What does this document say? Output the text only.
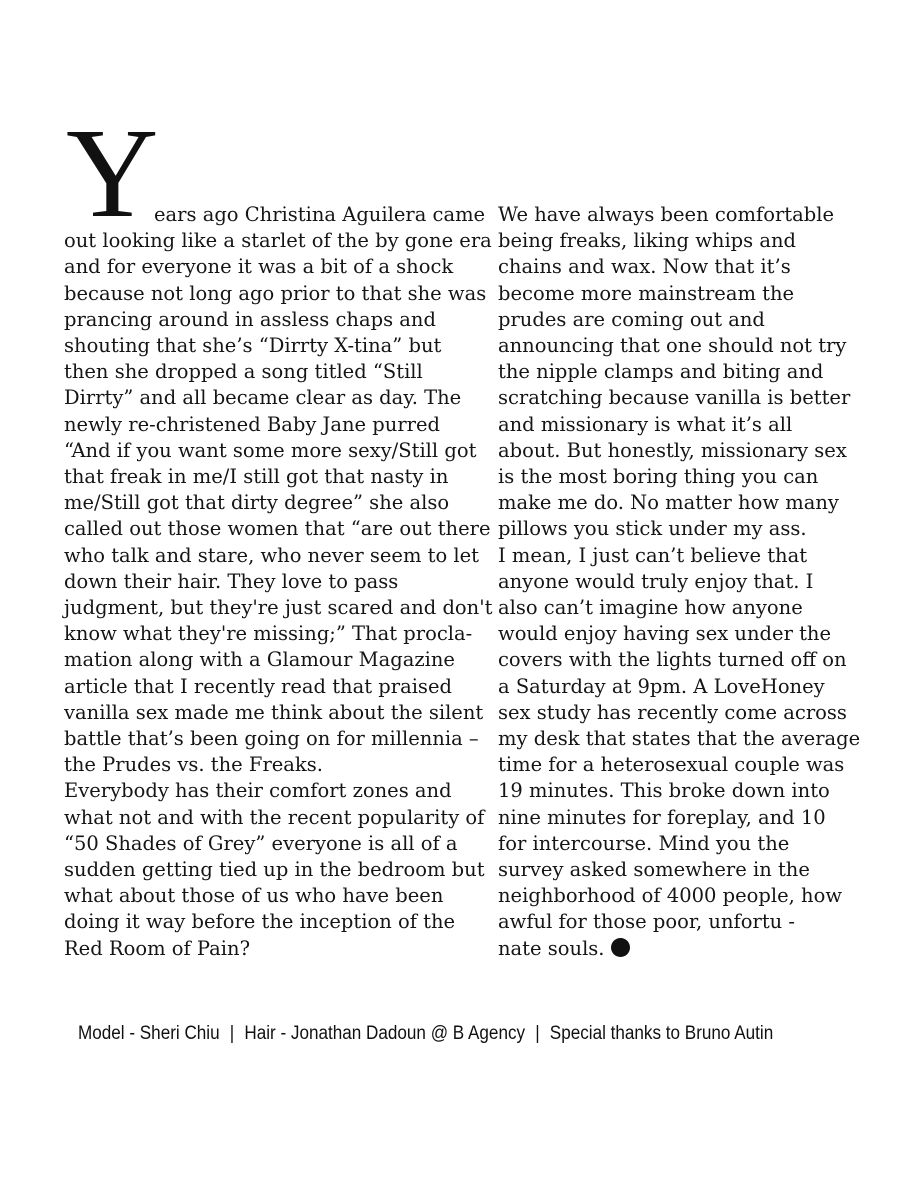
Y
ears ago Christina Aguilera came
out looking like a starlet of the by gone era
and for everyone it was a bit of a shock
because not long ago prior to that she was
prancing around in assless chaps and
shouting that she’s “Dirrty X-tina” but
then she dropped a song titled “Still
Dirrty” and all became clear as day. The
newly re-christened Baby Jane purred
“And if you want some more sexy/Still got
that freak in me/I still got that nasty in
me/Still got that dirty degree” she also
called out those women that “are out there
who talk and stare, who never seem to let
down their hair. They love to pass
judgment, but they're just scared and don't
know what they're missing;” That procla-
mation along with a Glamour Magazine
article that I recently read that praised
vanilla sex made me think about the silent
battle that’s been going on for millennia –
the Prudes vs. the Freaks.
Everybody has their comfort zones and
what not and with the recent popularity of
“50 Shades of Grey” everyone is all of a
sudden getting tied up in the bedroom but
what about those of us who have been
doing it way before the inception of the
Red Room of Pain?
We have always been comfortable
being freaks, liking whips and
chains and wax. Now that it’s
become more mainstream the
prudes are coming out and
announcing that one should not try
the nipple clamps and biting and
scratching because vanilla is better
and missionary is what it’s all
about. But honestly, missionary sex
is the most boring thing you can
make me do. No matter how many
pillows you stick under my ass.
I mean, I just can’t believe that
anyone would truly enjoy that. I
also can’t imagine how anyone
would enjoy having sex under the
covers with the lights turned off on
a Saturday at 9pm. A LoveHoney
sex study has recently come across
my desk that states that the average
time for a heterosexual couple was
19 minutes. This broke down into
nine minutes for foreplay, and 10
for intercourse. Mind you the
survey asked somewhere in the
neighborhood of 4000 people, how
awful for those poor, unfortu -
nate souls.
Model - Sheri Chiu | Hair - Jonathan Dadoun @ B Agency | Special thanks to Bruno Autin
